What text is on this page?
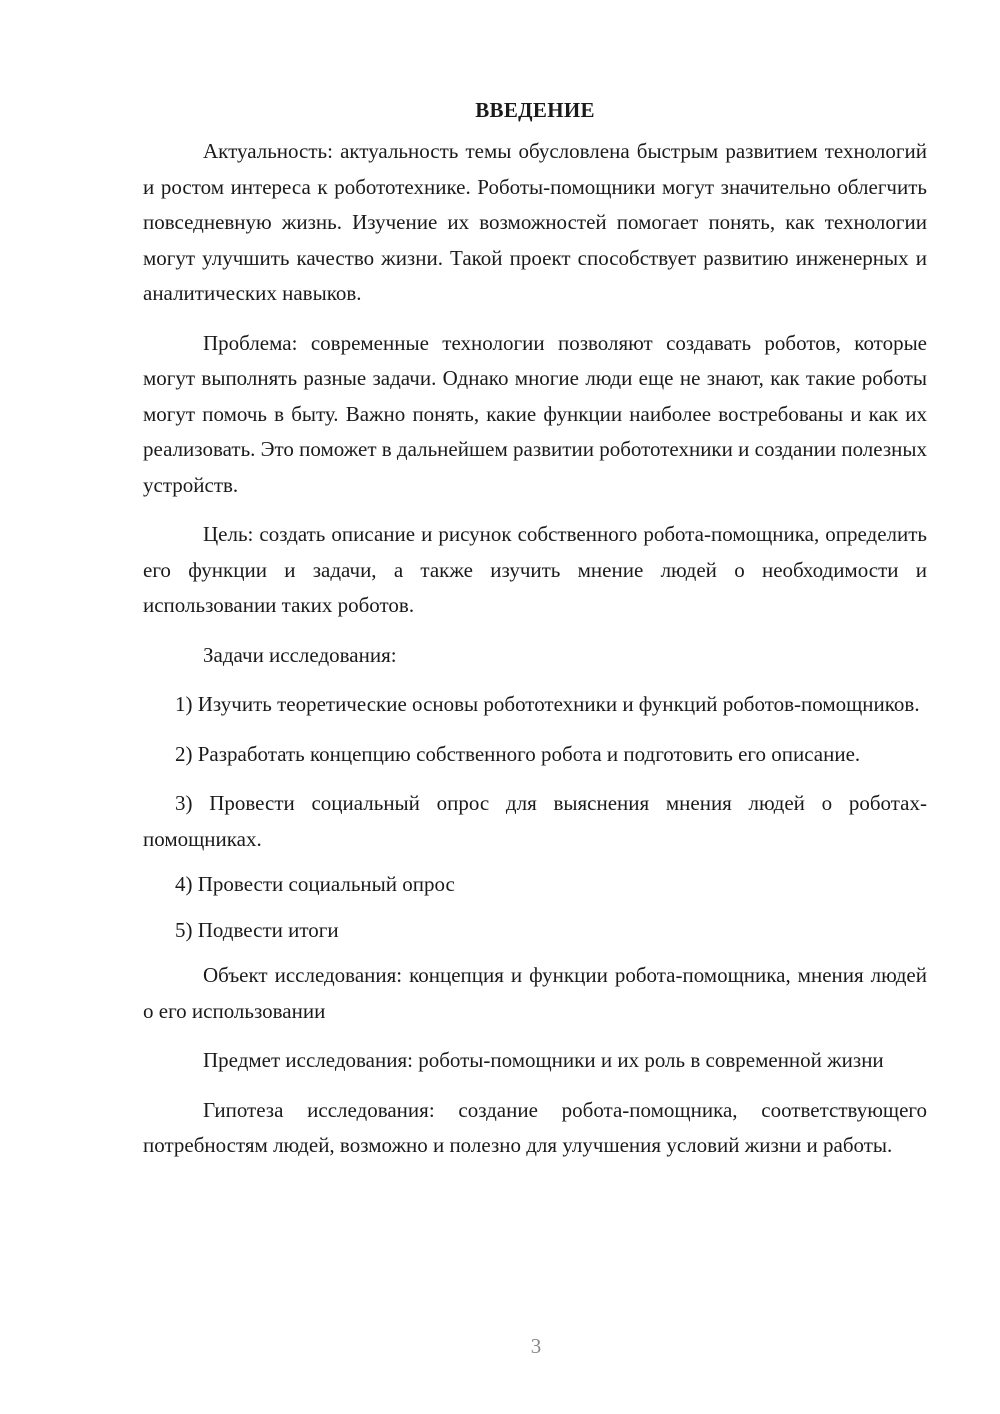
ВВЕДЕНИЕ

Актуальность: актуальность темы обусловлена быстрым развитием технологий и ростом интереса к робототехнике. Роботы-помощники могут значительно облегчить повседневную жизнь. Изучение их возможностей помогает понять, как технологии могут улучшить качество жизни. Такой проект способствует развитию инженерных и аналитических навыков.

Проблема: современные технологии позволяют создавать роботов, которые могут выполнять разные задачи. Однако многие люди еще не знают, как такие роботы могут помочь в быту. Важно понять, какие функции наиболее востребованы и как их реализовать. Это поможет в дальнейшем развитии робототехники и создании полезных устройств.

Цель: создать описание и рисунок собственного робота-помощника, определить его функции и задачи, а также изучить мнение людей о необходимости и использовании таких роботов.

Задачи исследования:

1) Изучить теоретические основы робототехники и функций роботов-помощников.

2) Разработать концепцию собственного робота и подготовить его описание.

3) Провести социальный опрос для выяснения мнения людей о роботах-помощниках.

4) Провести социальный опрос

5) Подвести итоги

Объект исследования: концепция и функции робота-помощника, мнения людей о его использовании

Предмет исследования: роботы-помощники и их роль в современной жизни

Гипотеза исследования: создание робота-помощника, соответствующего потребностям людей, возможно и полезно для улучшения условий жизни и работы.

3
